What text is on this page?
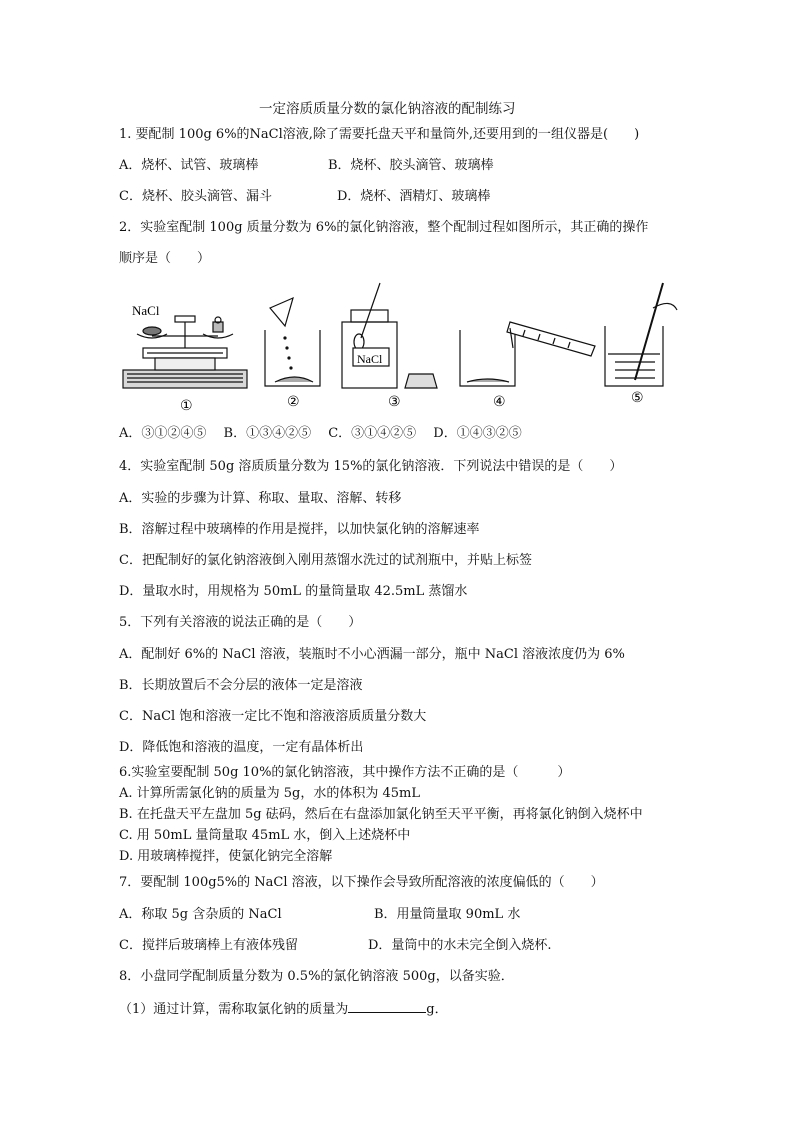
一定溶质质量分数的氯化钠溶液的配制练习
1. 要配制 100g 6%的NaCl溶液,除了需要托盘天平和量筒外,还要用到的一组仪器是(　　)
A．烧杯、试管、玻璃棒	B．烧杯、胶头滴管、玻璃棒
C．烧杯、胶头滴管、漏斗	D．烧杯、酒精灯、玻璃棒
2．实验室配制 100g 质量分数为 6%的氯化钠溶液，整个配制过程如图所示，其正确的操作
顺序是（　　）
NaCl
NaCl
①	②	③	④	⑤
A．③①②④⑤　 B．①③④②⑤　 C．③①④②⑤　 D．①④③②⑤
4．实验室配制 50g 溶质质量分数为 15%的氯化钠溶液．下列说法中错误的是（　　）
A．实验的步骤为计算、称取、量取、溶解、转移
B．溶解过程中玻璃棒的作用是搅拌，以加快氯化钠的溶解速率
C．把配制好的氯化钠溶液倒入刚用蒸馏水洗过的试剂瓶中，并贴上标签
D．量取水时，用规格为 50mL 的量筒量取 42.5mL 蒸馏水
5．下列有关溶液的说法正确的是（　　）
A．配制好 6%的 NaCl 溶液，装瓶时不小心洒漏一部分，瓶中 NaCl 溶液浓度仍为 6%
B．长期放置后不会分层的液体一定是溶液
C．NaCl 饱和溶液一定比不饱和溶液溶质质量分数大
D．降低饱和溶液的温度，一定有晶体析出
6.实验室要配制 50g 10%的氯化钠溶液，其中操作方法不正确的是（　　　）
A. 计算所需氯化钠的质量为 5g，水的体积为 45mL
B. 在托盘天平左盘加 5g 砝码，然后在右盘添加氯化钠至天平平衡，再将氯化钠倒入烧杯中
C. 用 50mL 量筒量取 45mL 水，倒入上述烧杯中
D. 用玻璃棒搅拌，使氯化钠完全溶解
7．要配制 100g5%的 NaCl 溶液，以下操作会导致所配溶液的浓度偏低的（　　）
A．称取 5g 含杂质的 NaCl	B．用量筒量取 90mL 水
C．搅拌后玻璃棒上有液体残留	D．量筒中的水未完全倒入烧杯.
8．小盘同学配制质量分数为 0.5%的氯化钠溶液 500g，以备实验．
（1）通过计算，需称取氯化钠的质量为	g．
